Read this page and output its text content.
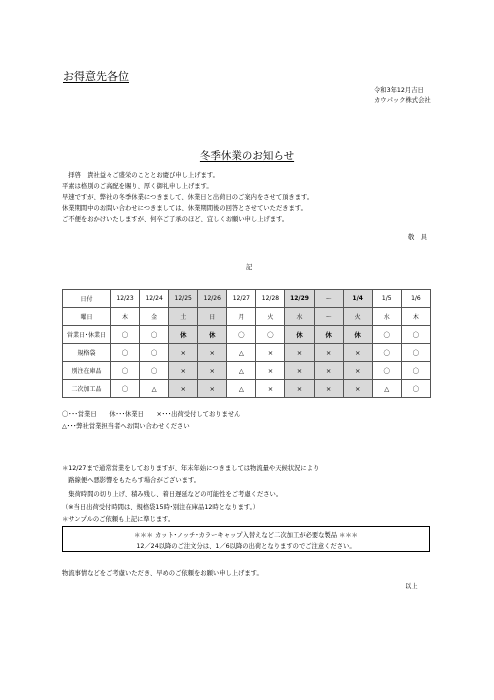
お得意先各位
令和3年12月吉日
カウパック株式会社
冬季休業のお知らせ
　拝啓　貴社益々ご盛栄のこととお慶び申し上げます。
平素は格別のご高配を賜り、厚く御礼申し上げます。
早速ですが、弊社の冬季休業につきまして、休業日と出荷日のご案内をさせて頂きます。
休業期間中のお問い合わせにつきましては、休業期間後の回答とさせていただきます。
ご不便をおかけいたしますが、何卒ご了承のほど、宜しくお願い申し上げます。
敬　具
記
日付	12/23	12/24	12/25	12/26	12/27	12/28	12/29	～	1/4	1/5	1/6
曜日	木	金	土	日	月	火	水	～	火	水	木
営業日･休業日	〇	〇	休	休	〇	〇	休	休	休	〇	〇
規格袋	〇	〇	×	×	△	×	×	×	×	〇	〇
別注在庫品	〇	〇	×	×	△	×	×	×	×	〇	〇
二次加工品	〇	△	×	×	△	×	×	×	×	△	〇
〇･･･営業日　　休･･･休業日　　×･･･出荷受付しておりません
△･･･弊社営業担当者へお問い合わせください
＊12/27まで通常営業をしておりますが、年末年始につきましては物流量や天候状況により
　路線便へ悪影響をもたらす場合がございます。
　集荷時間の切り上げ、積み残し、着日遅延などの可能性をご考慮ください。
（※当日出荷受付時間は、規格袋15時･別注在庫品12時となります。）
＊サンプルのご依頼も上記に準じます。
＊＊＊ カット･ノッチ･カラーキャップ入替えなど二次加工が必要な製品 ＊＊＊
12／24以降のご注文分は、1／6以降の出荷となりますのでご注意ください。
物流事情などをご考慮いただき、早めのご依頼をお願い申し上げます。
以上
